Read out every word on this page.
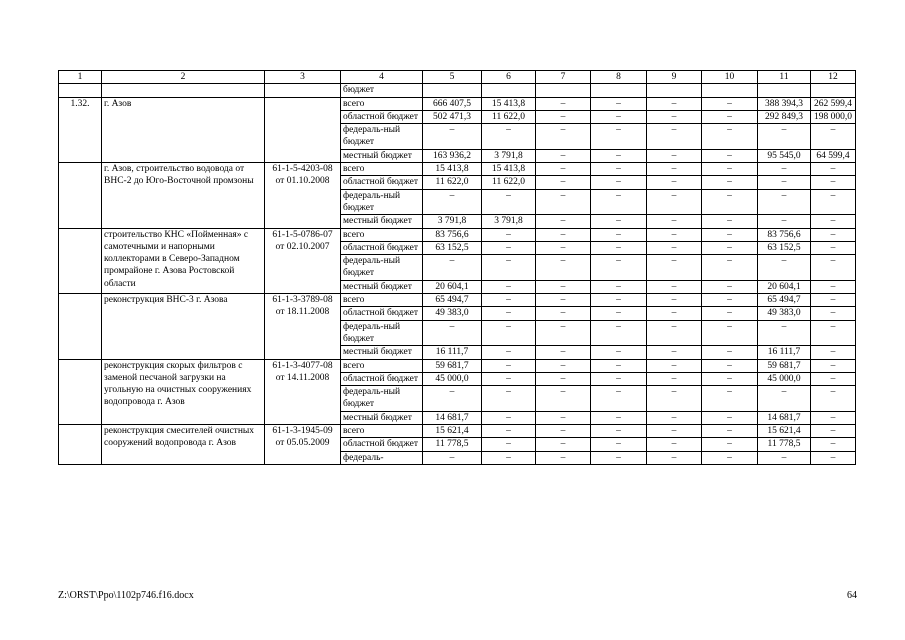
1	2	3	4	5	6	7	8	9	10	11	12
			бюджет								
1.32.	г. Азов		всего	666 407,5	15 413,8	–	–	–	–	388 394,3	262 599,4
			областной бюджет	502 471,3	11 622,0	–	–	–	–	292 849,3	198 000,0
			федераль-ный бюджет	–	–	–	–	–	–	–	–
			местный бюджет	163 936,2	3 791,8	–	–	–	–	95 545,0	64 599,4
	г. Азов, строительство водовода от ВНС-2 до Юго-Восточной промзоны	61-1-5-4203-08 от 01.10.2008	всего	15 413,8	15 413,8	–	–	–	–	–	–
			областной бюджет	11 622,0	11 622,0	–	–	–	–	–	–
			федераль-ный бюджет	–	–	–	–	–	–	–	–
			местный бюджет	3 791,8	3 791,8	–	–	–	–	–	–
	строительство КНС «Пойменная» с самотечными и напорными коллекторами в Северо-Западном промрайоне г. Азова Ростовской области	61-1-5-0786-07 от 02.10.2007	всего	83 756,6	–	–	–	–	–	83 756,6	–
			областной бюджет	63 152,5	–	–	–	–	–	63 152,5	–
			федераль-ный бюджет	–	–	–	–	–	–	–	–
			местный бюджет	20 604,1	–	–	–	–	–	20 604,1	–
	реконструкция ВНС-3 г. Азова	61-1-3-3789-08 от 18.11.2008	всего	65 494,7	–	–	–	–	–	65 494,7	–
			областной бюджет	49 383,0	–	–	–	–	–	49 383,0	–
			федераль-ный бюджет	–	–	–	–	–	–	–	–
			местный бюджет	16 111,7	–	–	–	–	–	16 111,7	–
	реконструкция скорых фильтров с заменой песчаной загрузки на угольную на очистных сооружениях водопровода г. Азов	61-1-3-4077-08 от 14.11.2008	всего	59 681,7	–	–	–	–	–	59 681,7	–
			областной бюджет	45 000,0	–	–	–	–	–	45 000,0	–
			федераль-ный бюджет	–	–	–	–	–	–	–	–
			местный бюджет	14 681,7	–	–	–	–	–	14 681,7	–
	реконструкция смесителей очистных сооружений водопровода г. Азов	61-1-3-1945-09 от 05.05.2009	всего	15 621,4	–	–	–	–	–	15 621,4	–
			областной бюджет	11 778,5	–	–	–	–	–	11 778,5	–
			федераль-	–	–	–	–	–	–	–	–
Z:\ORST\Ppo\1102p746.f16.docx	64
